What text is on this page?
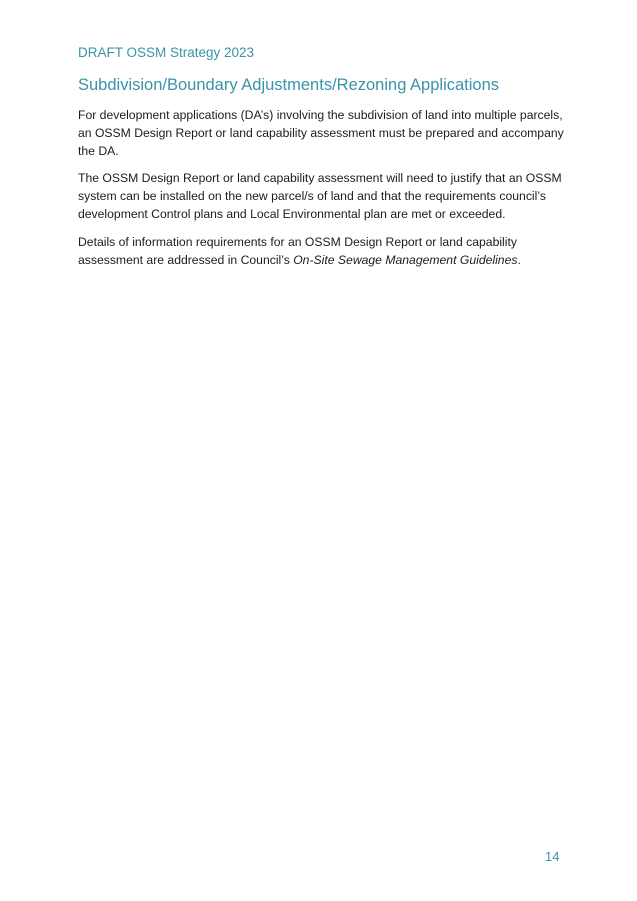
DRAFT OSSM Strategy 2023
Subdivision/Boundary Adjustments/Rezoning Applications

For development applications (DA’s) involving the subdivision of land into multiple parcels,
an OSSM Design Report or land capability assessment must be prepared and accompany
the DA.

The OSSM Design Report or land capability assessment will need to justify that an OSSM
system can be installed on the new parcel/s of land and that the requirements council’s
development Control plans and Local Environmental plan are met or exceeded.

Details of information requirements for an OSSM Design Report or land capability
assessment are addressed in Council’s On-Site Sewage Management Guidelines.

14
